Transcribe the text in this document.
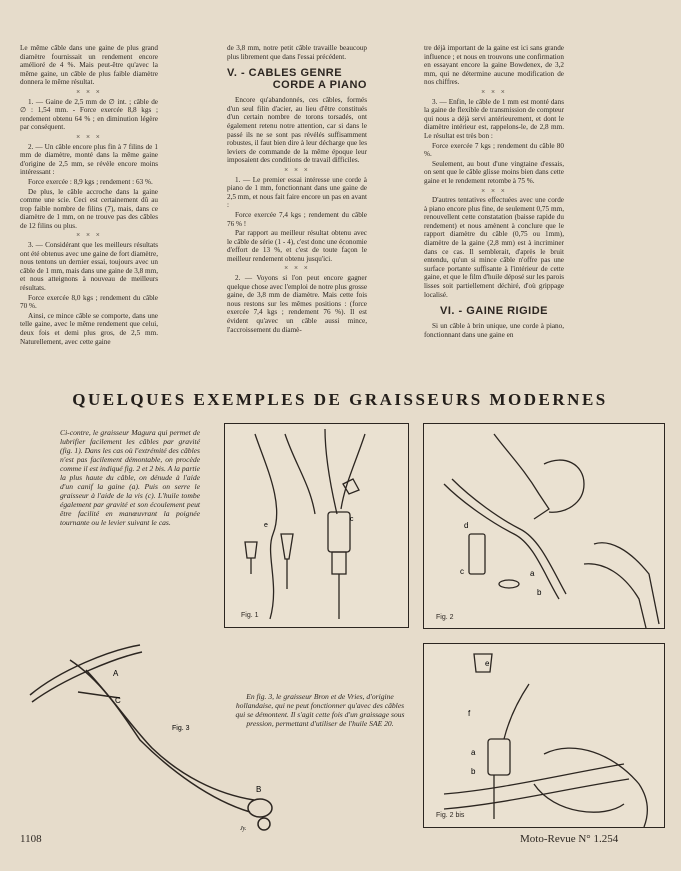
Le même câble dans une gaine de plus grand diamètre fournissait un rendement encore amélioré de 4 %. Mais peut-être qu'avec la même gaine, un câble de plus faible diamètre donnera le même résultat.

× × ×

1. — Gaine de 2,5 mm de ∅ int. ; câble de ∅ : 1,54 mm. - Force exercée 8,8 kgs ; rendement obtenu 64 % ; en diminution légère par conséquent.

× × ×

2. — Un câble encore plus fin à 7 filins de 1 mm de diamètre, monté dans la même gaine d'origine de 2,5 mm, se révèle encore moins intéressant :

Force exercée : 8,9 kgs ; rendement : 63 %.

De plus, le câble accroche dans la gaine comme une scie. Ceci est certainement dû au trop faible nombre de filins (7), mais, dans ce diamètre de 1 mm, on ne trouve pas des câbles de 12 filins ou plus.

× × ×

3. — Considérant que les meilleurs résultats ont été obtenus avec une gaine de fort diamètre, nous tentons un dernier essai, toujours avec un câble de 1 mm, mais dans une gaine de 3,8 mm, et nous atteignons à nouveau de meilleurs résultats.

Force exercée 8,0 kgs ; rendement du câble 70 %.

Ainsi, ce mince câble se comporte, dans une telle gaine, avec le même rendement que celui, deux fois et demi plus gros, de 2,5 mm. Naturellement, avec cette gaine

de 3,8 mm, notre petit câble travaille beaucoup plus librement que dans l'essai précédent.

V. - CABLES GENRE
CORDE A PIANO

Encore qu'abandonnés, ces câbles, formés d'un seul filin d'acier, au lieu d'être constitués d'un certain nombre de torons torsadés, ont également retenu notre attention, car si dans le passé ils ne se sont pas révélés suffisamment robustes, il faut bien dire à leur décharge que les leviers de commande de la même époque leur imposaient des conditions de travail difficiles.

× × ×

1. — Le premier essai intéresse une corde à piano de 1 mm, fonctionnant dans une gaine de 2,5 mm, et nous fait faire encore un pas en avant :

Force exercée 7,4 kgs ; rendement du câble 76 % !

Par rapport au meilleur résultat obtenu avec le câble de série (1 - 4), c'est donc une économie d'effort de 13 %, et c'est de toute façon le meilleur rendement obtenu jusqu'ici.

× × ×

2. — Voyons si l'on peut encore gagner quelque chose avec l'emploi de notre plus grosse gaine, de 3,8 mm de diamètre. Mais cette fois nous restons sur les mêmes positions : (force exercée 7,4 kgs ; rendement 76 %). Il est évident qu'avec un câble aussi mince, l'accroissement du diamè-

tre déjà important de la gaine est ici sans grande influence ; et nous en trouvons une confirmation en essayant encore la gaine Bowdenex, de 3,2 mm, qui ne détermine aucune modification de nos chiffres.

× × ×

3. — Enfin, le câble de 1 mm est monté dans la gaine de flexible de transmission de compteur qui nous a déjà servi antérieurement, et dont le diamètre intérieur est, rappelons-le, de 2,8 mm. Le résultat est très bon :

Force exercée 7 kgs ; rendement du câble 80 %.

Seulement, au bout d'une vingtaine d'essais, on sent que le câble glisse moins bien dans cette gaine et le rendement retombe à 75 %.

× × ×

D'autres tentatives effectuées avec une corde à piano encore plus fine, de seulement 0,75 mm, renouvellent cette constatation (baisse rapide du rendement) et nous amènent à conclure que le rapport diamètre du câble (0,75 ou 1mm), diamètre de la gaine (2,8 mm) est à incriminer dans ce cas. Il semblerait, d'après le bruit entendu, qu'un si mince câble n'offre pas une surface portante suffisante à l'intérieur de cette gaine, et que le film d'huile déposé sur les parois lisses soit partiellement déchiré, d'où grippage localisé.

VI. - GAINE RIGIDE

Si un câble à brin unique, une corde à piano, fonctionnant dans une gaine en

QUELQUES EXEMPLES DE GRAISSEURS MODERNES

Ci-contre, le graisseur Magura qui permet de lubrifier facilement les câbles par gravité (fig. 1). Dans les cas où l'extrémité des câbles n'est pas facilement démontable, on procède comme il est indiqué fig. 2 et 2 bis. A la partie la plus haute du câble, on dénude à l'aide d'un canif la gaine (a). Puis on serre le graisseur à l'aide de la vis (c). L'huile tombe également par gravité et son écoulement peut être facilité en manœuvrant la poignée tournante ou le levier suivant le cas.	e
c
Fig. 1
d
c	a
b
Fig. 2
A
C
B
Jy.
Fig. 3

En fig. 3, le graisseur Bron et de Vries, d'origine hollandaise, qui ne peut fonctionner qu'avec des câbles qui se démontent. Il s'agit cette fois d'un graissage sous pression, permettant d'utiliser de l'huile SAE 20.

f
e
a
b
Fig. 2 bis
1108	Moto-Revue N° 1.254
